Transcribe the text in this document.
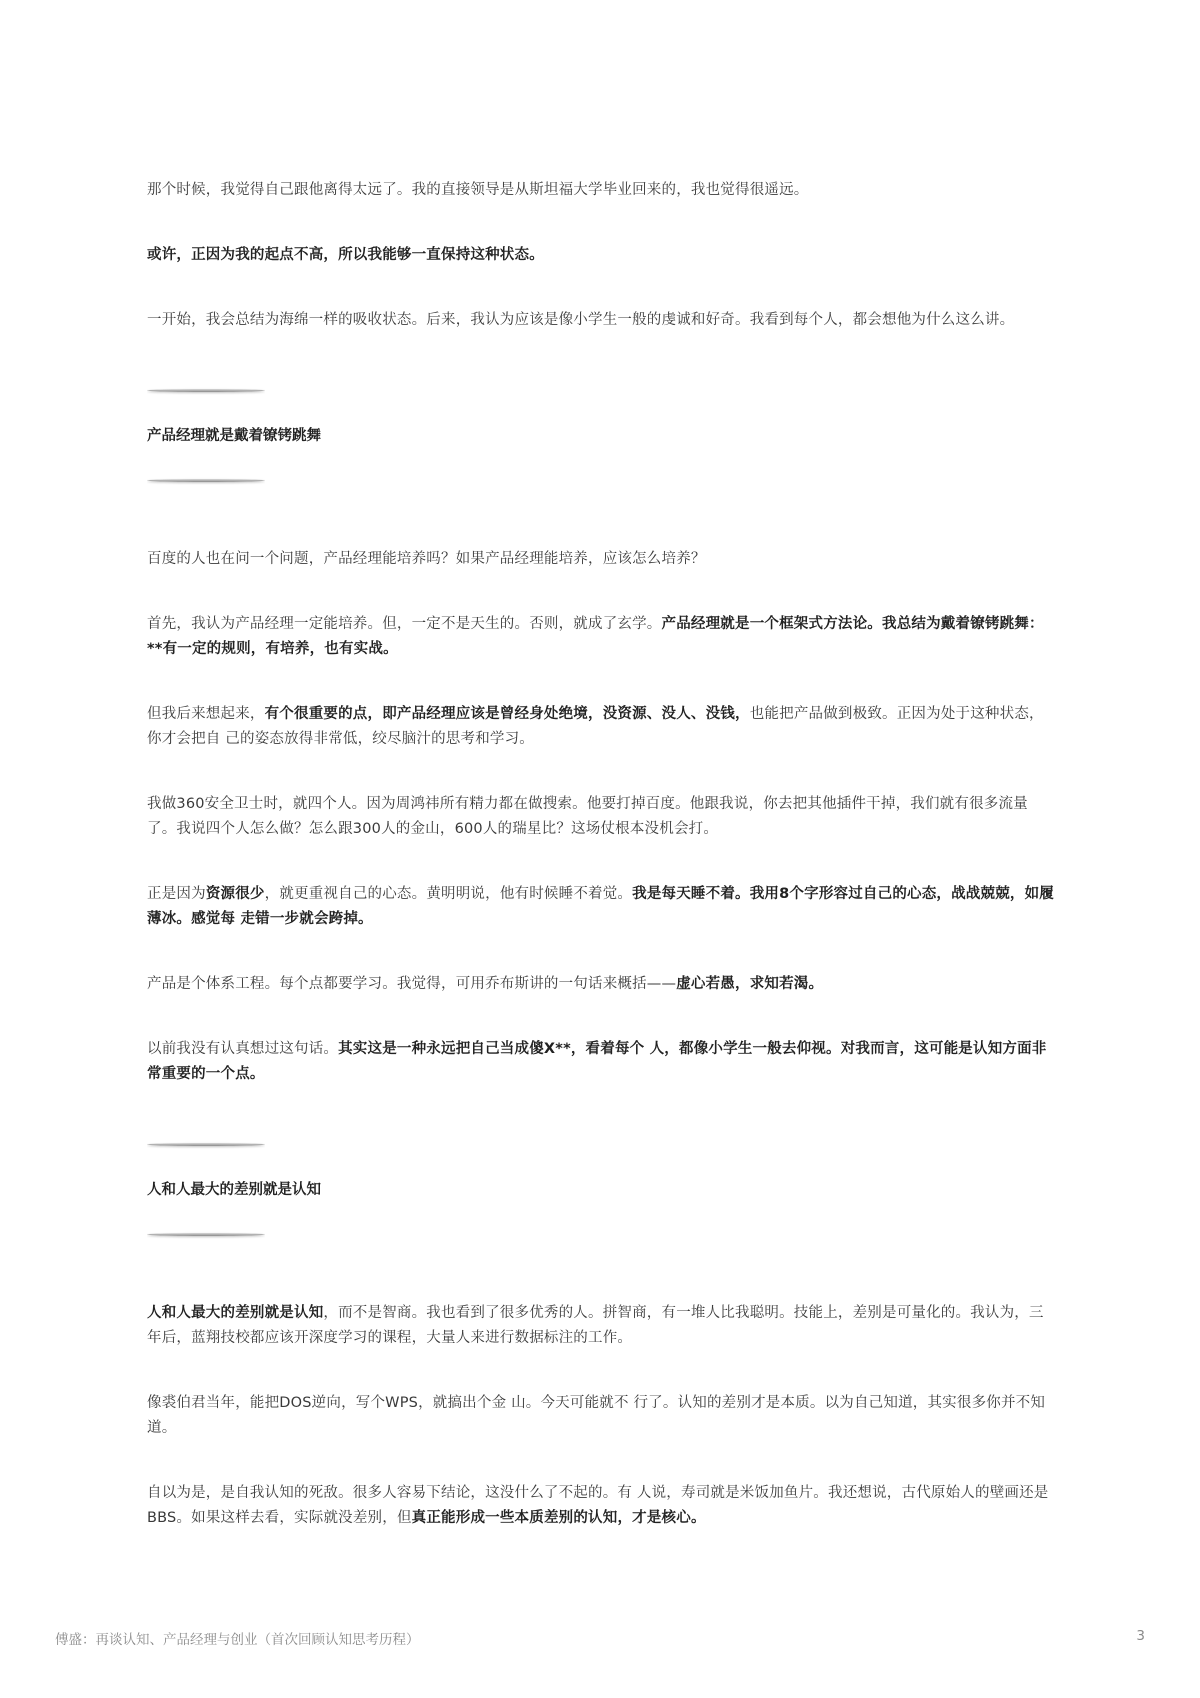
那个时候，我觉得自己跟他离得太远了。我的直接领导是从斯坦福大学毕业回来的，我也觉得很遥远。
或许，正因为我的起点不高，所以我能够一直保持这种状态。
一开始，我会总结为海绵一样的吸收状态。后来，我认为应该是像小学生一般的虔诚和好奇。我看到每个人，都会想他为什么这么讲。
产品经理就是戴着镣铐跳舞
百度的人也在问一个问题，产品经理能培养吗？如果产品经理能培养，应该怎么培养？
首先，我认为产品经理一定能培养。但，一定不是天生的。否则，就成了玄学。产品经理就是一个框架式方法论。我总结为戴着镣铐跳舞：**有一定的规则，有培养，也有实战。
但我后来想起来，有个很重要的点，即产品经理应该是曾经身处绝境，没资源、没人、没钱，也能把产品做到极致。正因为处于这种状态，你才会把自 己的姿态放得非常低，绞尽脑汁的思考和学习。
我做360安全卫士时，就四个人。因为周鸿祎所有精力都在做搜索。他要打掉百度。他跟我说，你去把其他插件干掉，我们就有很多流量了。我说四个人怎么做？怎么跟300人的金山，600人的瑞星比？这场仗根本没机会打。
正是因为资源很少，就更重视自己的心态。黄明明说，他有时候睡不着觉。我是每天睡不着。我用8个字形容过自己的心态，战战兢兢，如履薄冰。感觉每 走错一步就会跨掉。
产品是个体系工程。每个点都要学习。我觉得，可用乔布斯讲的一句话来概括——虚心若愚，求知若渴。
以前我没有认真想过这句话。其实这是一种永远把自己当成傻X**，看着每个 人，都像小学生一般去仰视。对我而言，这可能是认知方面非常重要的一个点。
人和人最大的差别就是认知
人和人最大的差别就是认知，而不是智商。我也看到了很多优秀的人。拼智商，有一堆人比我聪明。技能上，差别是可量化的。我认为，三年后，蓝翔技校都应该开深度学习的课程，大量人来进行数据标注的工作。
像裘伯君当年，能把DOS逆向，写个WPS，就搞出个金 山。今天可能就不 行了。认知的差别才是本质。以为自己知道，其实很多你并不知道。
自以为是，是自我认知的死敌。很多人容易下结论，这没什么了不起的。有 人说，寿司就是米饭加鱼片。我还想说，古代原始人的壁画还是BBS。如果这样去看，实际就没差别，但真正能形成一些本质差别的认知，才是核心。
傅盛：再谈认知、产品经理与创业（首次回顾认知思考历程）	3
